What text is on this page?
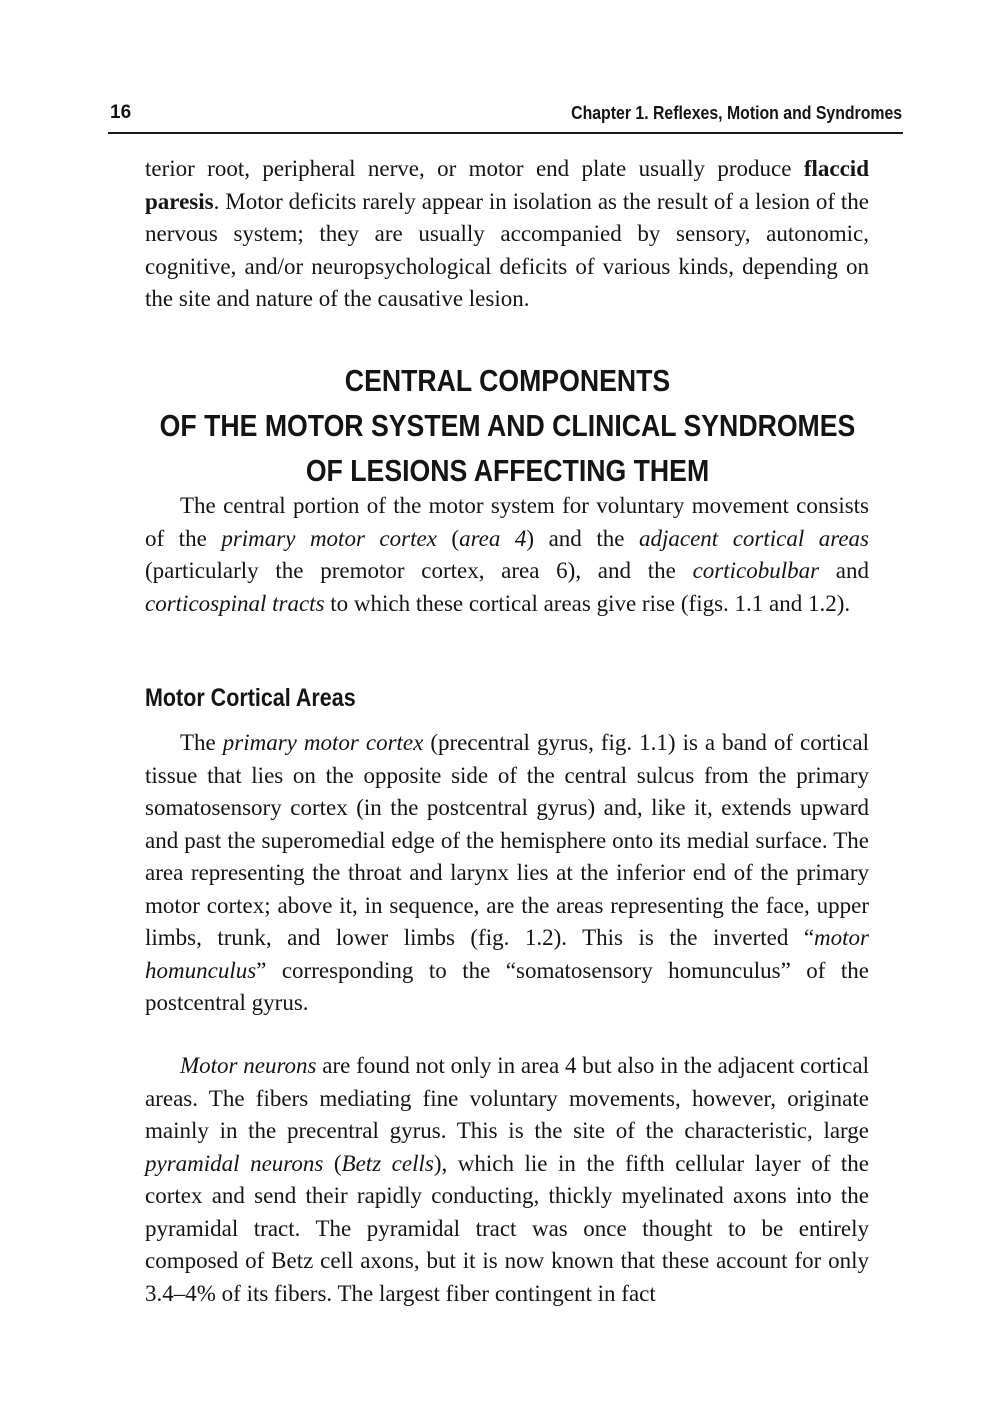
16	Chapter 1. Reflexes, Motion and Syndromes

terior root, peripheral nerve, or motor end plate usually produce flaccid paresis. Motor deficits rarely appear in isolation as the result of a lesion of the nervous system; they are usually accompanied by sensory, autonomic, cognitive, and/or neuropsychological deficits of various kinds, depending on the site and nature of the causative lesion.

CENTRAL COMPONENTS
OF THE MOTOR SYSTEM AND CLINICAL SYNDROMES
OF LESIONS AFFECTING THEM

The central portion of the motor system for voluntary movement consists of the primary motor cortex (area 4) and the adjacent cortical areas (particularly the premotor cortex, area 6), and the corticobulbar and corticospinal tracts to which these cortical areas give rise (figs. 1.1 and 1.2).

Motor Cortical Areas

The primary motor cortex (precentral gyrus, fig. 1.1) is a band of cortical tissue that lies on the opposite side of the central sulcus from the primary somatosensory cortex (in the postcentral gyrus) and, like it, extends upward and past the superomedial edge of the hemisphere onto its medial surface. The area representing the throat and larynx lies at the inferior end of the primary motor cortex; above it, in sequence, are the areas representing the face, upper limbs, trunk, and lower limbs (fig. 1.2). This is the inverted “motor homunculus” corresponding to the “somatosensory homunculus” of the postcentral gyrus.

Motor neurons are found not only in area 4 but also in the adjacent cortical areas. The fibers mediating fine voluntary movements, however, originate mainly in the precentral gyrus. This is the site of the characteristic, large pyramidal neurons (Betz cells), which lie in the fifth cellular layer of the cortex and send their rapidly conducting, thickly myelinated axons into the pyramidal tract. The pyramidal tract was once thought to be entirely composed of Betz cell axons, but it is now known that these account for only 3.4–4% of its fibers. The largest fiber contingent in fact
